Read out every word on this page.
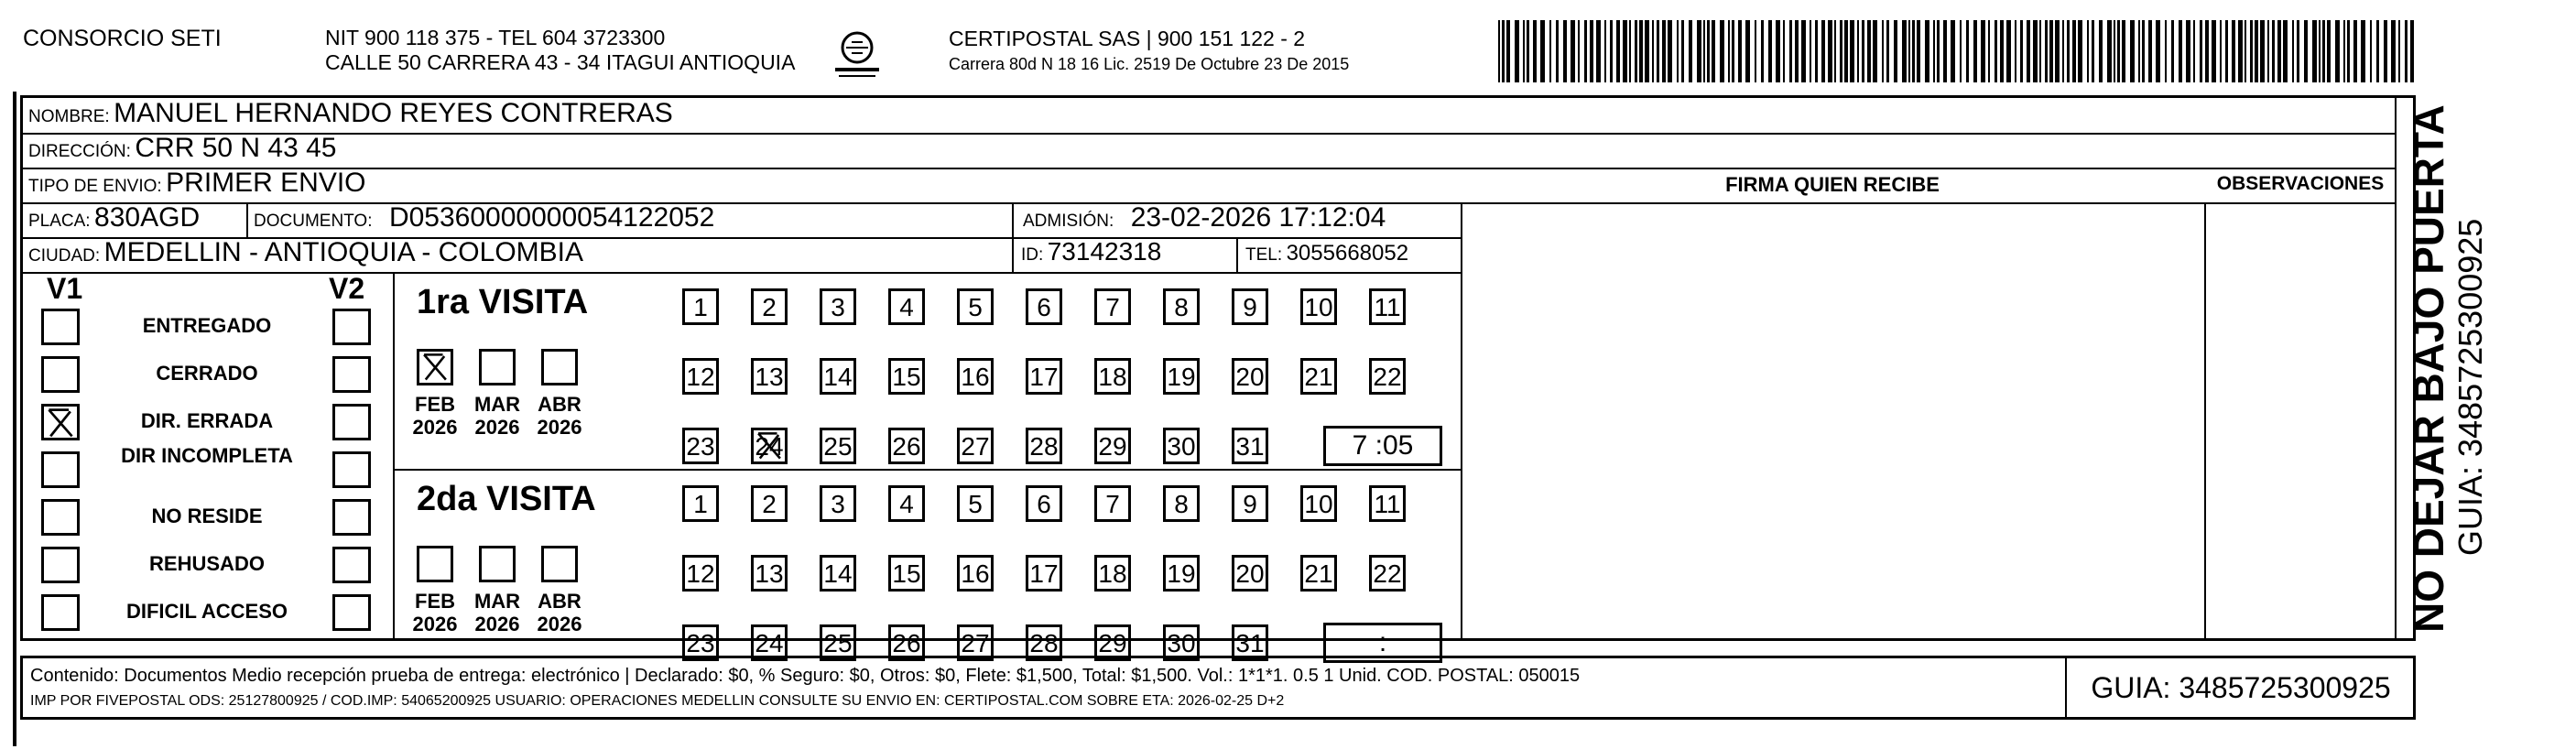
CONSORCIO SETI	NIT 900 118 375 - TEL 604 3723300
CALLE 50 CARRERA 43 - 34 ITAGUI ANTIOQUIA
CERTIPOSTAL SAS | 900 151 122 - 2
Carrera 80d N 18 16 Lic. 2519 De Octubre 23 De 2015
NOMBRE: MANUEL HERNANDO REYES CONTRERAS
DIRECCIÓN: CRR 50 N 43 45
TIPO DE ENVIO: PRIMER ENVIO	FIRMA QUIEN RECIBE	OBSERVACIONES
PLACA: 830AGD	DOCUMENTO: D05360000000054122052	ADMISIÓN: 23-02-2026 17:12:04
CIUDAD: MEDELLIN - ANTIOQUIA - COLOMBIA	ID: 73142318	TEL: 3055668052
V1	V2
ENTREGADO
CERRADO
DIR. ERRADA
DIR INCOMPLETA
NO RESIDE
REHUSADO
DIFICIL ACCESO
1ra VISITA
FEB
2026
MAR
2026
ABR
2026
1	2	3	4	5	6	7	8	9	10 11
12 13 14 15 16 17 18 19 20 21 22
23 24 25 26 27 28 29 30 31	7 :05
2da VISITA
FEB
2026
MAR
2026
ABR
2026
1	2	3	4	5	6	7	8	9	10 11
12 13 14 15 16 17 18 19 20 21 22
23 24 25 26 27 28 29 30 31	:
NO DEJAR BAJO PUERTA GUIA: 3485725300925
Contenido: Documentos Medio recepción prueba de entrega: electrónico | Declarado: $0, % Seguro: $0, Otros: $0, Flete: $1,500, Total: $1,500. Vol.: 1*1*1. 0.5 1 Unid. COD. POSTAL: 050015
IMP POR FIVEPOSTAL ODS: 25127800925 / COD.IMP: 54065200925 USUARIO: OPERACIONES MEDELLIN CONSULTE SU ENVIO EN: CERTIPOSTAL.COM SOBRE ETA: 2026-02-25 D+2	GUIA: 3485725300925
